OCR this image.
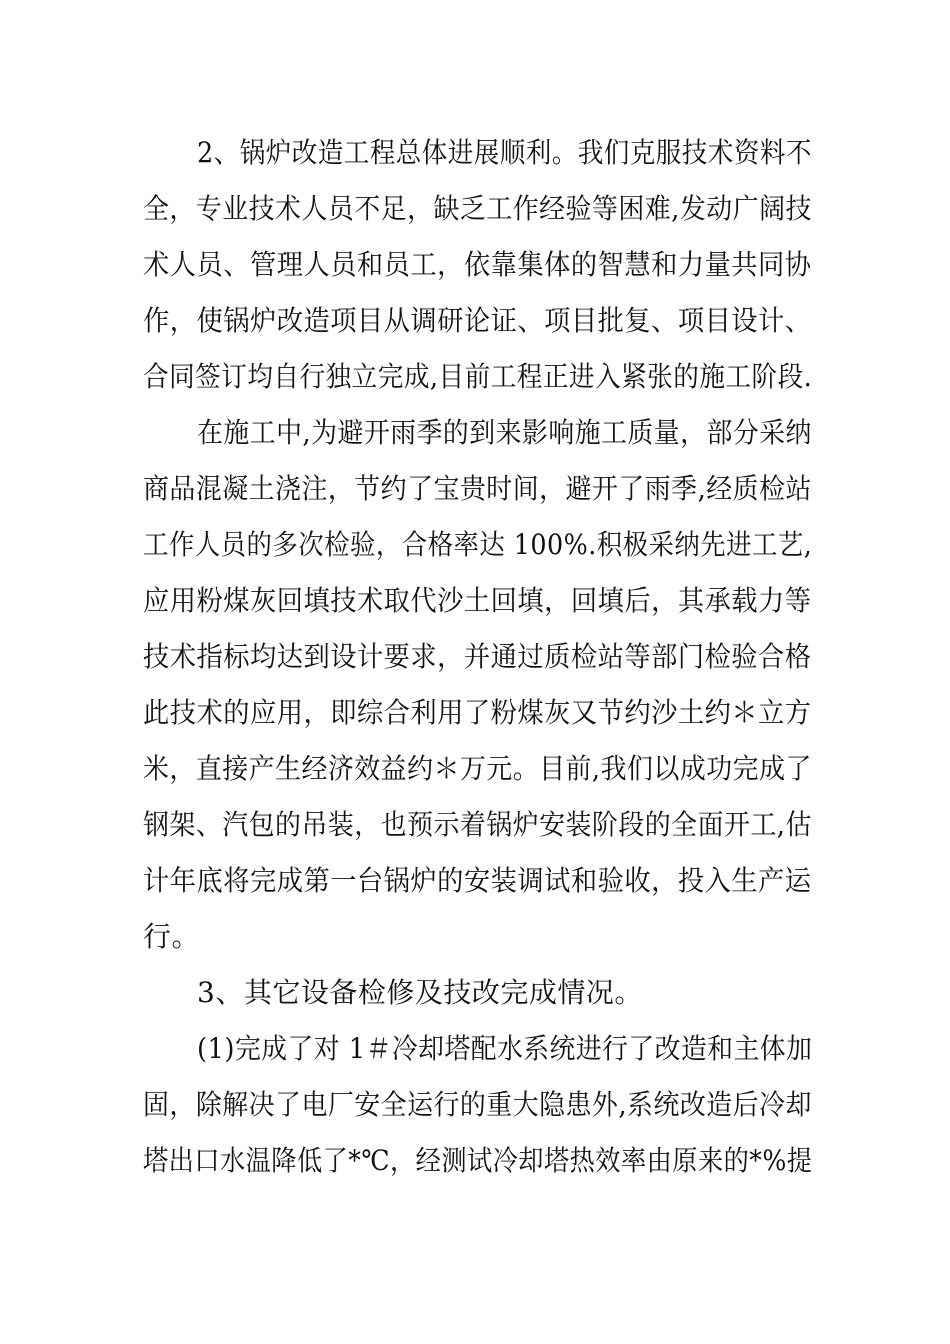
2、锅炉改造工程总体进展顺利。我们克服技术资料不
全，专业技术人员不足，缺乏工作经验等困难,发动广阔技
术人员、管理人员和员工，依靠集体的智慧和力量共同协
作，使锅炉改造项目从调研论证、项目批复、项目设计、
合同签订均自行独立完成,目前工程正进入紧张的施工阶段.
在施工中,为避开雨季的到来影响施工质量，部分采纳
商品混凝土浇注，节约了宝贵时间，避开了雨季,经质检站
工作人员的多次检验，合格率达 100%.积极采纳先进工艺,
应用粉煤灰回填技术取代沙土回填，回填后，其承载力等
技术指标均达到设计要求，并通过质检站等部门检验合格
此技术的应用，即综合利用了粉煤灰又节约沙土约＊立方
米，直接产生经济效益约＊万元。目前,我们以成功完成了
钢架、汽包的吊装，也预示着锅炉安装阶段的全面开工,估
计年底将完成第一台锅炉的安装调试和验收，投入生产运
行。
3、其它设备检修及技改完成情况。
(1)完成了对 1＃冷却塔配水系统进行了改造和主体加
固，除解决了电厂安全运行的重大隐患外,系统改造后冷却
塔出口水温降低了*℃，经测试冷却塔热效率由原来的*%提
